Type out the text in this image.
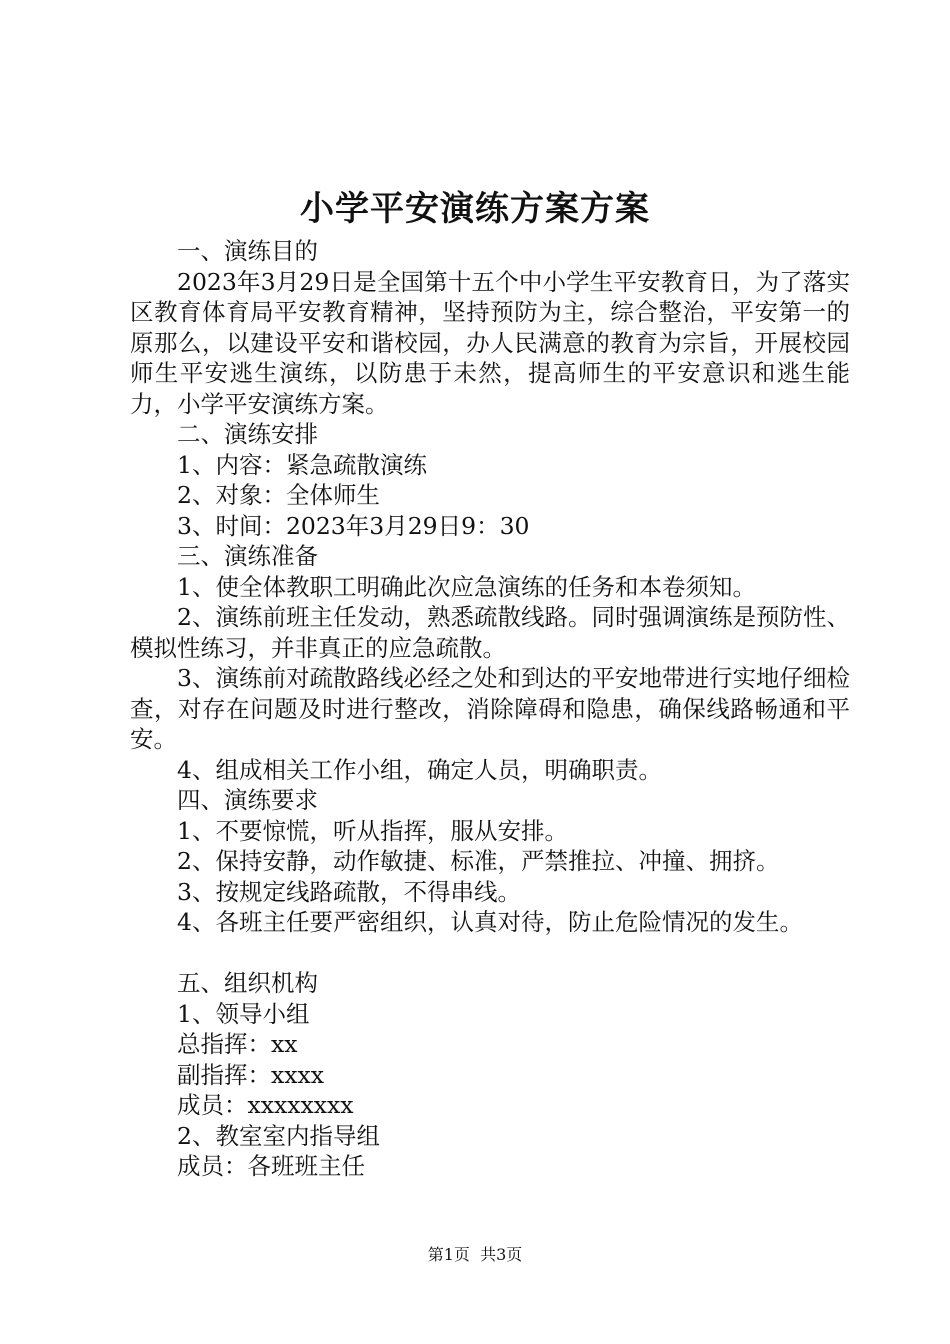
小学平安演练方案方案

一、演练目的

2023年3月29日是全国第十五个中小学生平安教育日，为了落实区教育体育局平安教育精神，坚持预防为主，综合整治，平安第一的原那么，以建设平安和谐校园，办人民满意的教育为宗旨，开展校园师生平安逃生演练，以防患于未然，提高师生的平安意识和逃生能力，小学平安演练方案。

二、演练安排

1、内容：紧急疏散演练

2、对象：全体师生

3、时间：2023年3月29日9：30

三、演练准备

1、使全体教职工明确此次应急演练的任务和本卷须知。

2、演练前班主任发动，熟悉疏散线路。同时强调演练是预防性、模拟性练习，并非真正的应急疏散。

3、演练前对疏散路线必经之处和到达的平安地带进行实地仔细检查，对存在问题及时进行整改，消除障碍和隐患，确保线路畅通和平安。

4、组成相关工作小组，确定人员，明确职责。

四、演练要求

1、不要惊慌，听从指挥，服从安排。

2、保持安静，动作敏捷、标准，严禁推拉、冲撞、拥挤。

3、按规定线路疏散，不得串线。

4、各班主任要严密组织，认真对待，防止危险情况的发生。

五、组织机构

1、领导小组

总指挥：xx

副指挥：xxxx

成员：xxxxxxxx

2、教室室内指导组

成员：各班班主任

第1页  共3页
